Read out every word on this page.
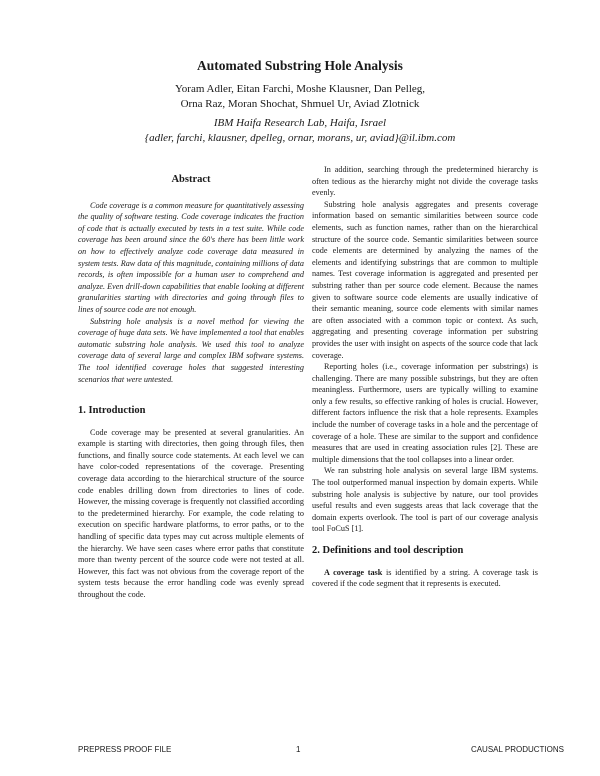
Automated Substring Hole Analysis
Yoram Adler, Eitan Farchi, Moshe Klausner, Dan Pelleg,
Orna Raz, Moran Shochat, Shmuel Ur, Aviad Zlotnick
IBM Haifa Research Lab, Haifa, Israel
{adler, farchi, klausner, dpelleg, ornar, morans, ur, aviad}@il.ibm.com
Abstract

Code coverage is a common measure for quantitatively assessing the quality of software testing. Code coverage indicates the fraction of code that is actually executed by tests in a test suite. While code coverage has been around since the 60's there has been little work on how to effectively analyze code coverage data measured in system tests. Raw data of this magnitude, containing millions of data records, is often impossible for a human user to comprehend and analyze. Even drill-down capabilities that enable looking at different granularities starting with directories and going through files to lines of source code are not enough.

Substring hole analysis is a novel method for viewing the coverage of huge data sets. We have implemented a tool that enables automatic substring hole analysis. We used this tool to analyze coverage data of several large and complex IBM software systems. The tool identified coverage holes that suggested interesting scenarios that were untested.

1. Introduction

Code coverage may be presented at several granularities. An example is starting with directories, then going through files, then functions, and finally source code statements. At each level we can have color-coded representations of the coverage. Presenting coverage data according to the hierarchical structure of the source code enables drilling down from directories to lines of code. However, the missing coverage is frequently not classified according to the predetermined hierarchy. For example, the code relating to execution on specific hardware platforms, to error paths, or to the handling of specific data types may cut across multiple elements of the hierarchy. We have seen cases where error paths that constitute more than twenty percent of the source code were not tested at all. However, this fact was not obvious from the coverage report of the system tests because the error handling code was evenly spread throughout the code.

In addition, searching through the predetermined hierarchy is often tedious as the hierarchy might not divide the coverage tasks evenly.

Substring hole analysis aggregates and presents coverage information based on semantic similarities between source code elements, such as function names, rather than on the hierarchical structure of the source code. Semantic similarities between source code elements are determined by analyzing the names of the elements and identifying substrings that are common to multiple names. Test coverage information is aggregated and presented per substring rather than per source code element. Because the names given to software source code elements are usually indicative of their semantic meaning, source code elements with similar names are often associated with a common topic or context. As such, aggregating and presenting coverage information per substring provides the user with insight on aspects of the source code that lack coverage.

Reporting holes (i.e., coverage information per substrings) is challenging. There are many possible substrings, but they are often meaningless. Furthermore, users are typically willing to examine only a few results, so effective ranking of holes is crucial. However, different factors influence the risk that a hole represents. Examples include the number of coverage tasks in a hole and the percentage of coverage of a hole. These are similar to the support and confidence measures that are used in creating association rules [2]. These are multiple dimensions that the tool collapses into a linear order.

We ran substring hole analysis on several large IBM systems. The tool outperformed manual inspection by domain experts. While substring hole analysis is subjective by nature, our tool provides useful results and even suggests areas that lack coverage that the domain experts overlook. The tool is part of our coverage analysis tool FoCuS [1].

2. Definitions and tool description

A coverage task is identified by a string. A coverage task is covered if the code segment that it represents is executed.

PREPRESS PROOF FILE	1	CAUSAL PRODUCTIONS
